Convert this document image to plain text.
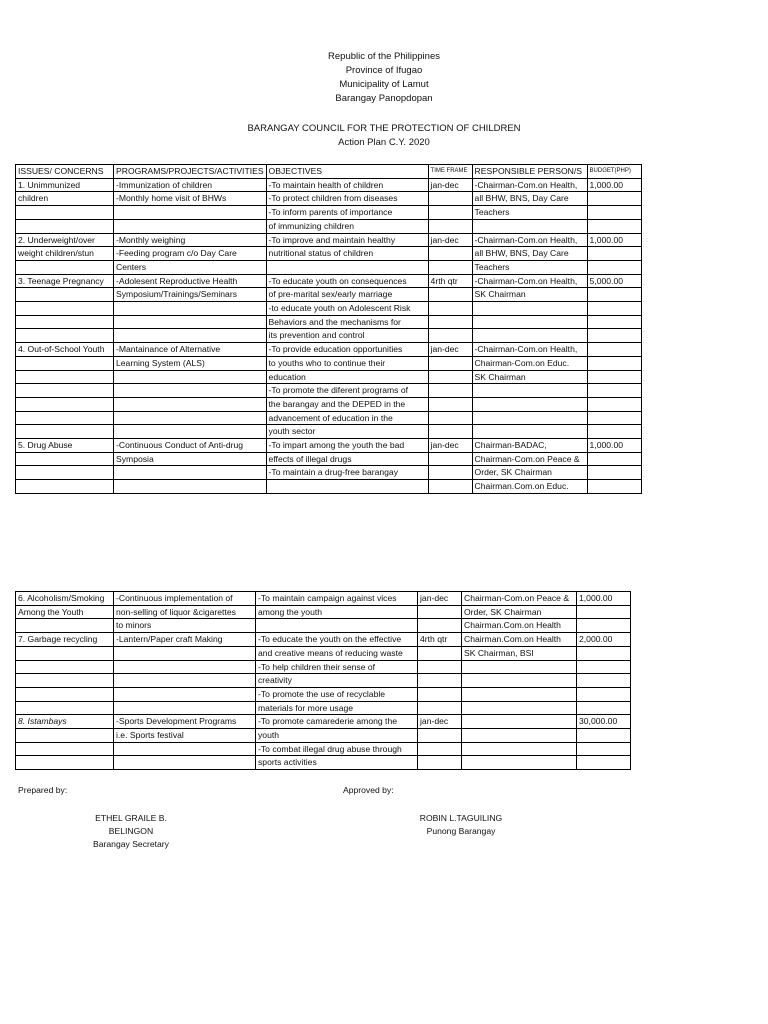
Republic of the Philippines
Province of Ifugao
Municipality of Lamut
Barangay Panopdopan
BARANGAY COUNCIL FOR THE PROTECTION OF CHILDREN
Action Plan C.Y. 2020
ISSUES/ CONCERNS	PROGRAMS/PROJECTS/ACTIVITIES	OBJECTIVES	TIME FRAME	RESPONSIBLE PERSON/S	BUDGET(PHP)
1. Unimmunized	-Immunization of children	-To maintain health of children	jan-dec	-Chairman-Com.on Health,	1,000.00
children	-Monthly home visit of BHWs	-To protect children from diseases		all BHW, BNS, Day Care	
		-To inform parents of importance		Teachers	
		of immunizing children			
2. Underweight/over	-Monthly weighing	-To improve and maintain healthy	jan-dec	-Chairman-Com.on Health,	1,000.00
weight children/stun	-Feeding program c/o Day Care	nutritional status of children		all BHW, BNS, Day Care	
	Centers			Teachers	
3. Teenage Pregnancy	-Adolesent Reproductive Health	-To educate youth on consequences	4rth qtr	-Chairman-Com.on Health,	5,000.00
	Symposium/Trainings/Seminars	of pre-marital sex/early marriage		SK Chairman	
		-to educate youth on Adolescent Risk			
		Behaviors and the mechanisms for			
		its prevention and control			
4. Out-of-School Youth	-Mantainance of Alternative	-To provide education opportunities	jan-dec	-Chairman-Com.on Health,	
	Learning System (ALS)	to youths who to continue their		Chairman-Com.on Educ.	
		education		SK Chairman	
		-To promote the diferent programs of			
		the barangay and the DEPED in the			
		advancement of education in the			
		youth sector			
5. Drug Abuse	-Continuous Conduct of Anti-drug	-To impart among the youth the bad	jan-dec	Chairman-BADAC,	1,000.00
	Symposia	effects of illegal drugs		Chairman-Com.on Peace &	
		-To maintain a drug-free barangay		Order, SK Chairman	
				Chairman.Com.on Educ.	
6. Alcoholism/Smoking	-Continuous implementation of	-To maintain campaign against vices	jan-dec	Chairman-Com.on Peace &	1,000.00
Among the Youth	non-selling of liquor &cigarettes	among the youth		Order, SK Chairman	
	to minors			Chairman.Com.on Health	
7. Garbage recycling	-Lantern/Paper craft Making	-To educate the youth on the effective	4rth qtr	Chairman.Com.on Health	2,000.00
		and creative means of reducing waste		SK Chairman, BSI	
		-To help children their sense of			
		creativity			
		-To promote the use of recyclable			
		materials for more usage			
8. Istambays	-Sports Development Programs	-To promote camarederie among the	jan-dec		30,000.00
	i.e. Sports festival	youth			
		-To combat illegal drug abuse through			
		sports activities			
Prepared by:	Approved by:
ETHEL GRAILE B. BELINGON
Barangay Secretary
ROBIN L.TAGUILING
Punong Barangay
